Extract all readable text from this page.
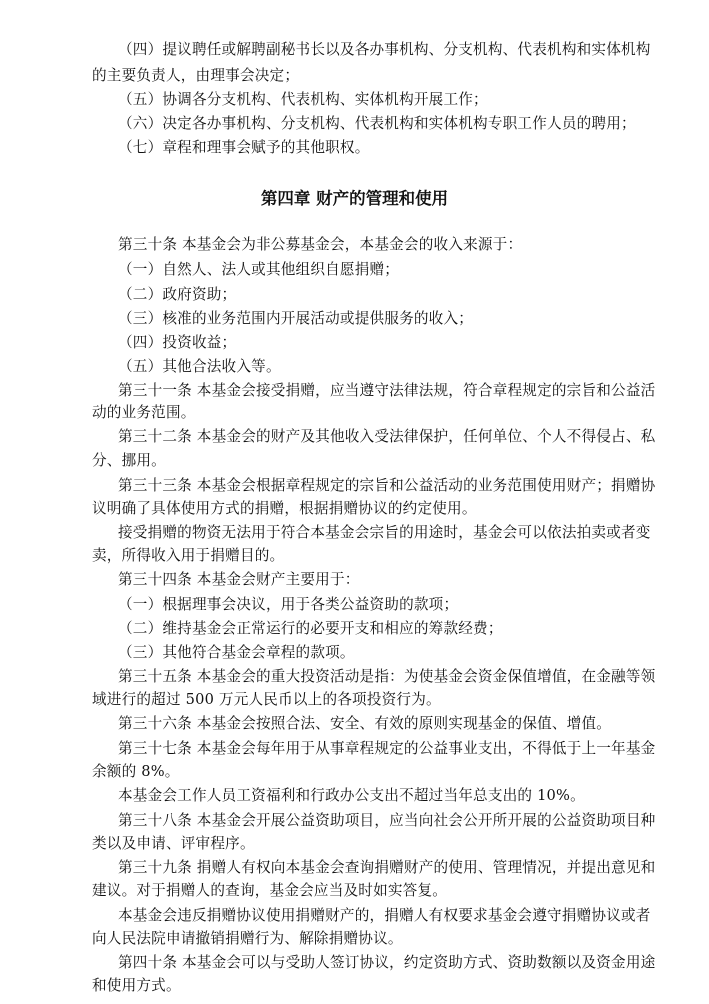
（四）提议聘任或解聘副秘书长以及各办事机构、分支机构、代表机构和实体机构
的主要负责人，由理事会决定；
（五）协调各分支机构、代表机构、实体机构开展工作；
（六）决定各办事机构、分支机构、代表机构和实体机构专职工作人员的聘用；
（七）章程和理事会赋予的其他职权。
第四章 财产的管理和使用
第三十条 本基金会为非公募基金会，本基金会的收入来源于：
（一）自然人、法人或其他组织自愿捐赠；
（二）政府资助；
（三）核准的业务范围内开展活动或提供服务的收入；
（四）投资收益；
（五）其他合法收入等。
第三十一条 本基金会接受捐赠，应当遵守法律法规，符合章程规定的宗旨和公益活
动的业务范围。
第三十二条 本基金会的财产及其他收入受法律保护，任何单位、个人不得侵占、私
分、挪用。
第三十三条 本基金会根据章程规定的宗旨和公益活动的业务范围使用财产；捐赠协
议明确了具体使用方式的捐赠，根据捐赠协议的约定使用。
接受捐赠的物资无法用于符合本基金会宗旨的用途时，基金会可以依法拍卖或者变
卖，所得收入用于捐赠目的。
第三十四条 本基金会财产主要用于：
（一）根据理事会决议，用于各类公益资助的款项；
（二）维持基金会正常运行的必要开支和相应的筹款经费；
（三）其他符合基金会章程的款项。
第三十五条 本基金会的重大投资活动是指：为使基金会资金保值增值，在金融等领
域进行的超过 500 万元人民币以上的各项投资行为。
第三十六条 本基金会按照合法、安全、有效的原则实现基金的保值、增值。
第三十七条 本基金会每年用于从事章程规定的公益事业支出，不得低于上一年基金
余额的 8%。
本基金会工作人员工资福利和行政办公支出不超过当年总支出的 10%。
第三十八条 本基金会开展公益资助项目，应当向社会公开所开展的公益资助项目种
类以及申请、评审程序。
第三十九条 捐赠人有权向本基金会查询捐赠财产的使用、管理情况，并提出意见和
建议。对于捐赠人的查询，基金会应当及时如实答复。
本基金会违反捐赠协议使用捐赠财产的，捐赠人有权要求基金会遵守捐赠协议或者
向人民法院申请撤销捐赠行为、解除捐赠协议。
第四十条 本基金会可以与受助人签订协议，约定资助方式、资助数额以及资金用途
和使用方式。
